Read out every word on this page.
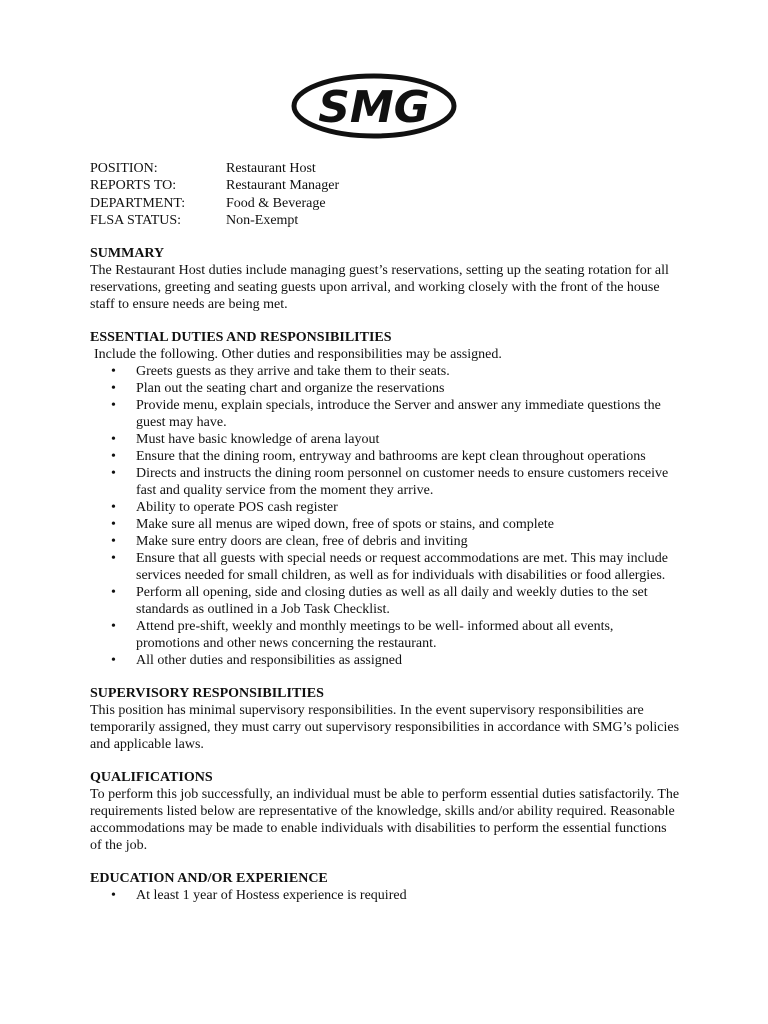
SMG
POSITION:	Restaurant Host
REPORTS TO:	Restaurant Manager
DEPARTMENT:	Food & Beverage
FLSA STATUS:	Non-Exempt
SUMMARY

The Restaurant Host duties include managing guest’s reservations, setting up the seating rotation for all reservations, greeting and seating guests upon arrival, and working closely with the front of the house staff to ensure needs are being met.

ESSENTIAL DUTIES AND RESPONSIBILITIES

Include the following. Other duties and responsibilities may be assigned.

• Greets guests as they arrive and take them to their seats.
• Plan out the seating chart and organize the reservations
• Provide menu, explain specials, introduce the Server and answer any immediate questions the guest may have.
• Must have basic knowledge of arena layout
• Ensure that the dining room, entryway and bathrooms are kept clean throughout operations
• Directs and instructs the dining room personnel on customer needs to ensure customers receive fast and quality service from the moment they arrive.
• Ability to operate POS cash register
• Make sure all menus are wiped down, free of spots or stains, and complete
• Make sure entry doors are clean, free of debris and inviting
• Ensure that all guests with special needs or request accommodations are met. This may include services needed for small children, as well as for individuals with disabilities or food allergies.
• Perform all opening, side and closing duties as well as all daily and weekly duties to the set standards as outlined in a Job Task Checklist.
• Attend pre-shift, weekly and monthly meetings to be well- informed about all events, promotions and other news concerning the restaurant.
• All other duties and responsibilities as assigned
SUPERVISORY RESPONSIBILITIES

This position has minimal supervisory responsibilities. In the event supervisory responsibilities are temporarily assigned, they must carry out supervisory responsibilities in accordance with SMG’s policies and applicable laws.

QUALIFICATIONS

To perform this job successfully, an individual must be able to perform essential duties satisfactorily. The requirements listed below are representative of the knowledge, skills and/or ability required. Reasonable accommodations may be made to enable individuals with disabilities to perform the essential functions of the job.

EDUCATION AND/OR EXPERIENCE
• At least 1 year of Hostess experience is required
